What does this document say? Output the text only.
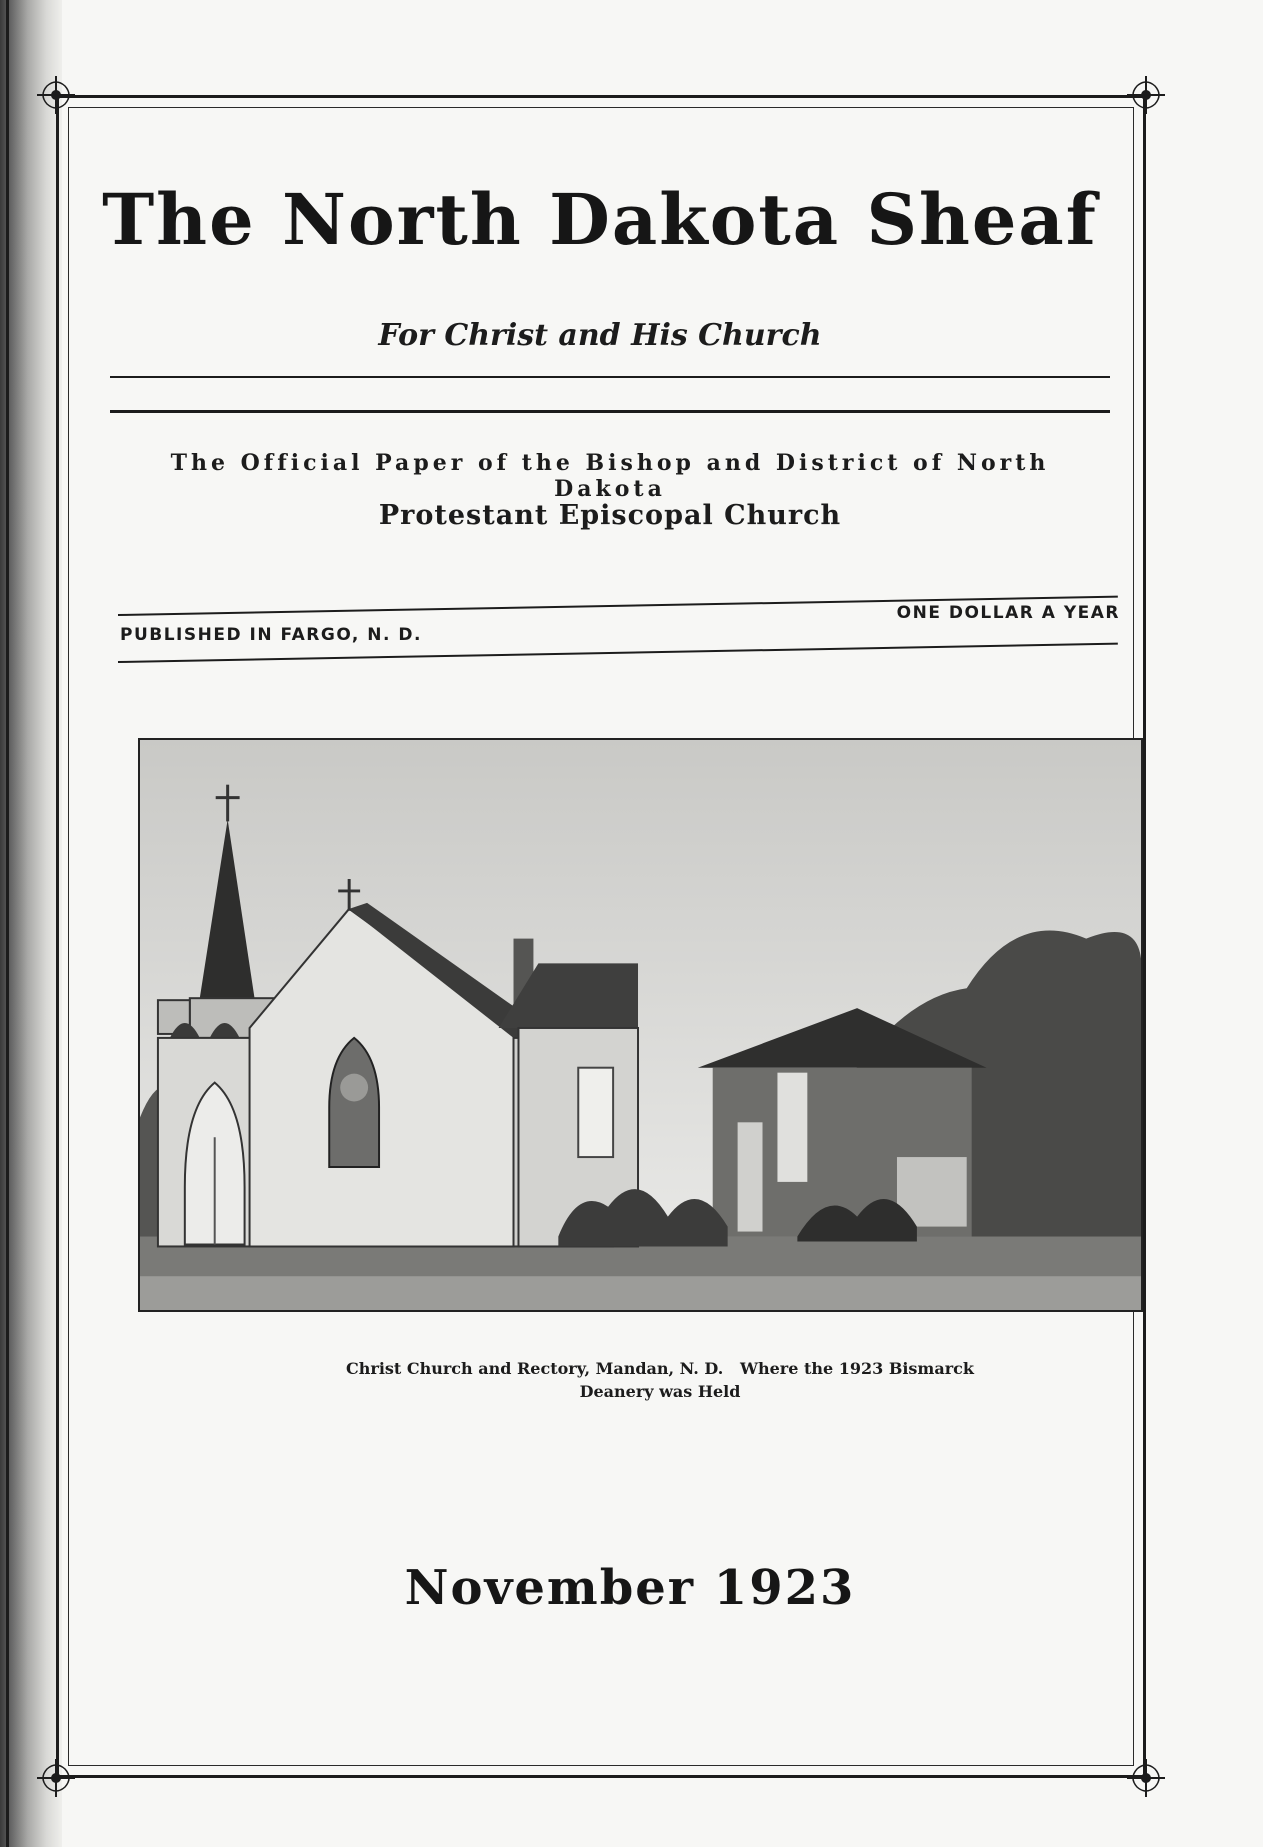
The North Dakota Sheaf
For Christ and His Church
The Official Paper of the Bishop and District of North Dakota
Protestant Episcopal Church
PUBLISHED IN FARGO, N. D.
ONE DOLLAR A YEAR
Christ Church and Rectory, Mandan, N. D.   Where the 1923 Bismarck
Deanery was Held
November 1923
